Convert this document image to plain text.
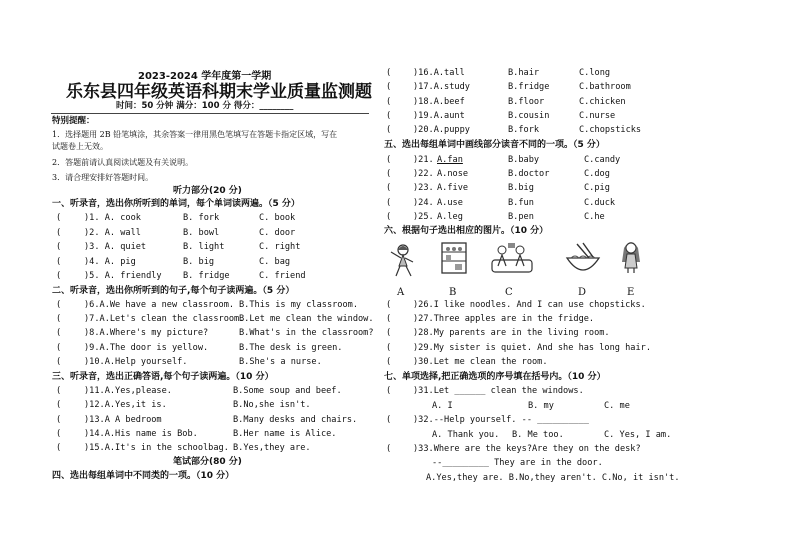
2023-2024 学年度第一学期
乐东县四年级英语科期末学业质量监测题
时间：50 分钟 满分：100 分 得分：________
特别提醒：
1．选择题用 2B 铅笔填涂，其余答案一律用黑色笔填写在答题卡指定区域，写在
试题卷上无效。
2．答题前请认真阅读试题及有关说明。
3．请合理安排好答题时间。
听力部分(20 分)
一、听录音，选出你所听到的单词，每个单词读两遍。（5 分）
(	)1. A. cook	B. fork	C. book
(	)2. A. wall	B. bowl	C. door
(	)3. A. quiet	B. light	C. right
(	)4. A. pig	B. big	C. bag
(	)5. A. friendly B. fridge	C. friend
二、听录音，选出你所听到的句子,每个句子读两遍。（5 分）
(	)6.A.We have a new classroom. B.This is my classroom.
(	)7.A.Let's clean the classroom.
B.Let me clean the window.
(	)8.A.Where's my picture?	B.What's in the classroom?
(	)9.A.The door is yellow.	B.The desk is green.
(	)10.A.Help yourself.	B.She's a nurse.
三、听录音，选出正确答语,每个句子读两遍。（10 分）
(	)11.A.Yes,please.	B.Some soup and beef.
(	)12.A.Yes,it is.	B.No,she isn't.
(	)13.A A bedroom	B.Many desks and chairs.
(	)14.A.His name is Bob.	B.Her name is Alice.
(	)15.A.It's in the schoolbag. B.Yes,they are.
笔试部分(80 分)
四、选出每组单词中不同类的一项。（10 分）
(	)16.A.tall	B.hair	C.long
(	)17.A.study	B.fridge	C.bathroom
(	)18.A.beef	B.floor	C.chicken
(	)19.A.aunt	B.cousin	C.nurse
(	)20.A.puppy	B.fork	C.chopsticks
五、选出每组单词中画线部分读音不同的一项。（5 分）
(	)21. A.fan	B.baby	C.candy
(	)22. A.nose	B.doctor	C.dog
(	)23. A.five	B.big	C.pig
(	)24. A.use	B.fun	C.duck
(	)25. A.leg	B.pen	C.he
六、根据句子选出相应的图片。（10 分）
A	B	C	D	E
(	)26.I like noodles. And I can use chopsticks.
(	)27.Three apples are in the fridge.
(	)28.My parents are in the living room.
(	)29.My sister is quiet. And she has long hair.
(	)30.Let me clean the room.
七、单项选择,把正确选项的序号填在括号内。（10 分）
(	)31.Let ______ clean the windows.
A. I	B. my	C. me
(	)32.--Help yourself. -- __________
A. Thank you. B. Me too.	C. Yes, I am.
(	)33.Where are the keys?Are they on the desk?
--_________ They are in the door.
A.Yes,they are. B.No,they aren't. C.No, it isn't.
